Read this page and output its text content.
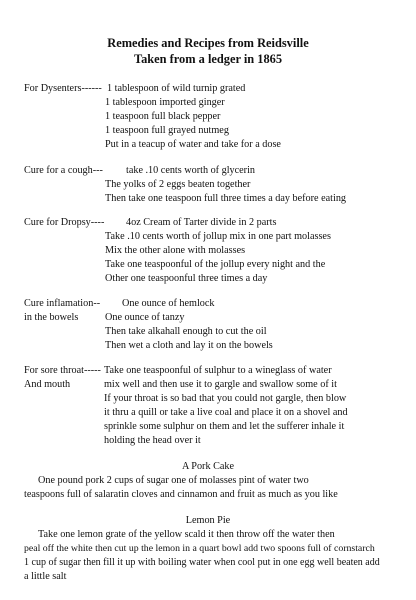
Remedies and Recipes from Reidsville
Taken from a ledger in 1865
For Dysenters------ 1 tablespoon of wild turnip grated
1 tablespoon imported ginger
1 teaspoon full black pepper
1 teaspoon full grayed nutmeg
Put in a teacup of water and take for a dose
Cure for a cough--- take .10 cents worth of glycerin
The yolks of 2 eggs beaten together
Then take one teaspoon full three times a day before eating
Cure for Dropsy---- 4oz Cream of Tarter divide in 2 parts
Take .10 cents worth of jollup mix in one part molasses
Mix the other alone with molasses
Take one teaspoonful of the jollup every night and the
Other one teaspoonful three times a day
Cure inflamation--
in the bowels
One ounce of hemlock
One ounce of tanzy
Then take alkahall enough to cut the oil
Then wet a cloth and lay it on the bowels
For sore throat-----
And mouth
Take one teaspoonful of sulphur to a wineglass of water
mix well and then use it to gargle and swallow some of it
If your throat is so bad that you could not gargle, then blow
it thru a quill or take a live coal and place it on a shovel and
sprinkle some sulphur on them and let the sufferer inhale it
holding the head over it
A Pork Cake
One pound pork 2 cups of sugar one of molasses pint of water two
teaspoons full of salaratin cloves and cinnamon and fruit as much as you like
Lemon Pie
Take one lemon grate of the yellow scald it then throw off the water then
peal off the white then cut up the lemon in a quart bowl add two spoons full of cornstarch
1 cup of sugar then fill it up with boiling water when cool put in one egg well beaten add
a little salt
